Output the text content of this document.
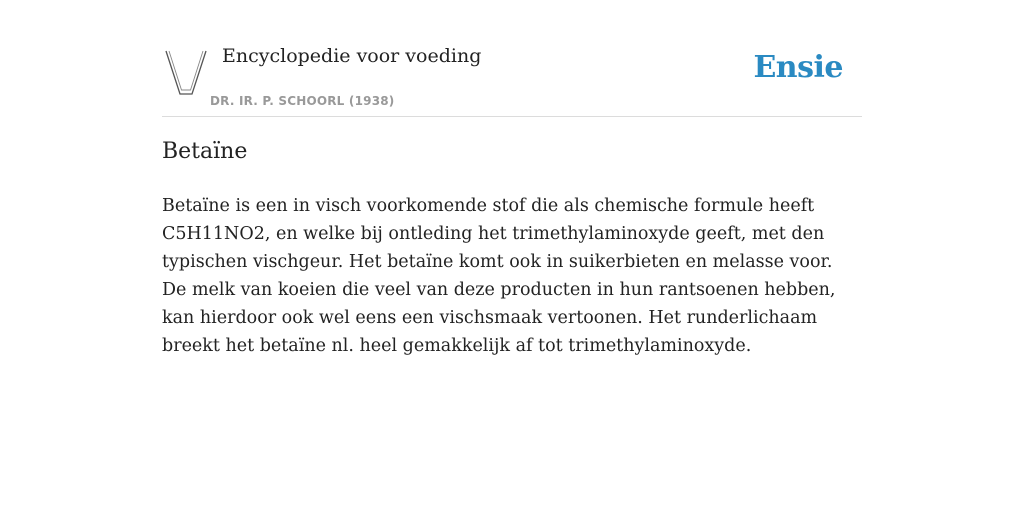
Encyclopedie voor voeding
DR. IR. P. SCHOORL (1938)
Ensie
Betaïne

Betaïne is een in visch voorkomende stof die als chemische formule heeft C5H11NO2, en welke bij ontleding het trimethylaminoxyde geeft, met den typischen vischgeur. Het betaïne komt ook in suikerbieten en melasse voor. De melk van koeien die veel van deze producten in hun rantsoenen hebben, kan hierdoor ook wel eens een vischsmaak vertoonen. Het runderlichaam breekt het betaïne nl. heel gemakkelijk af tot trimethylaminoxyde.
